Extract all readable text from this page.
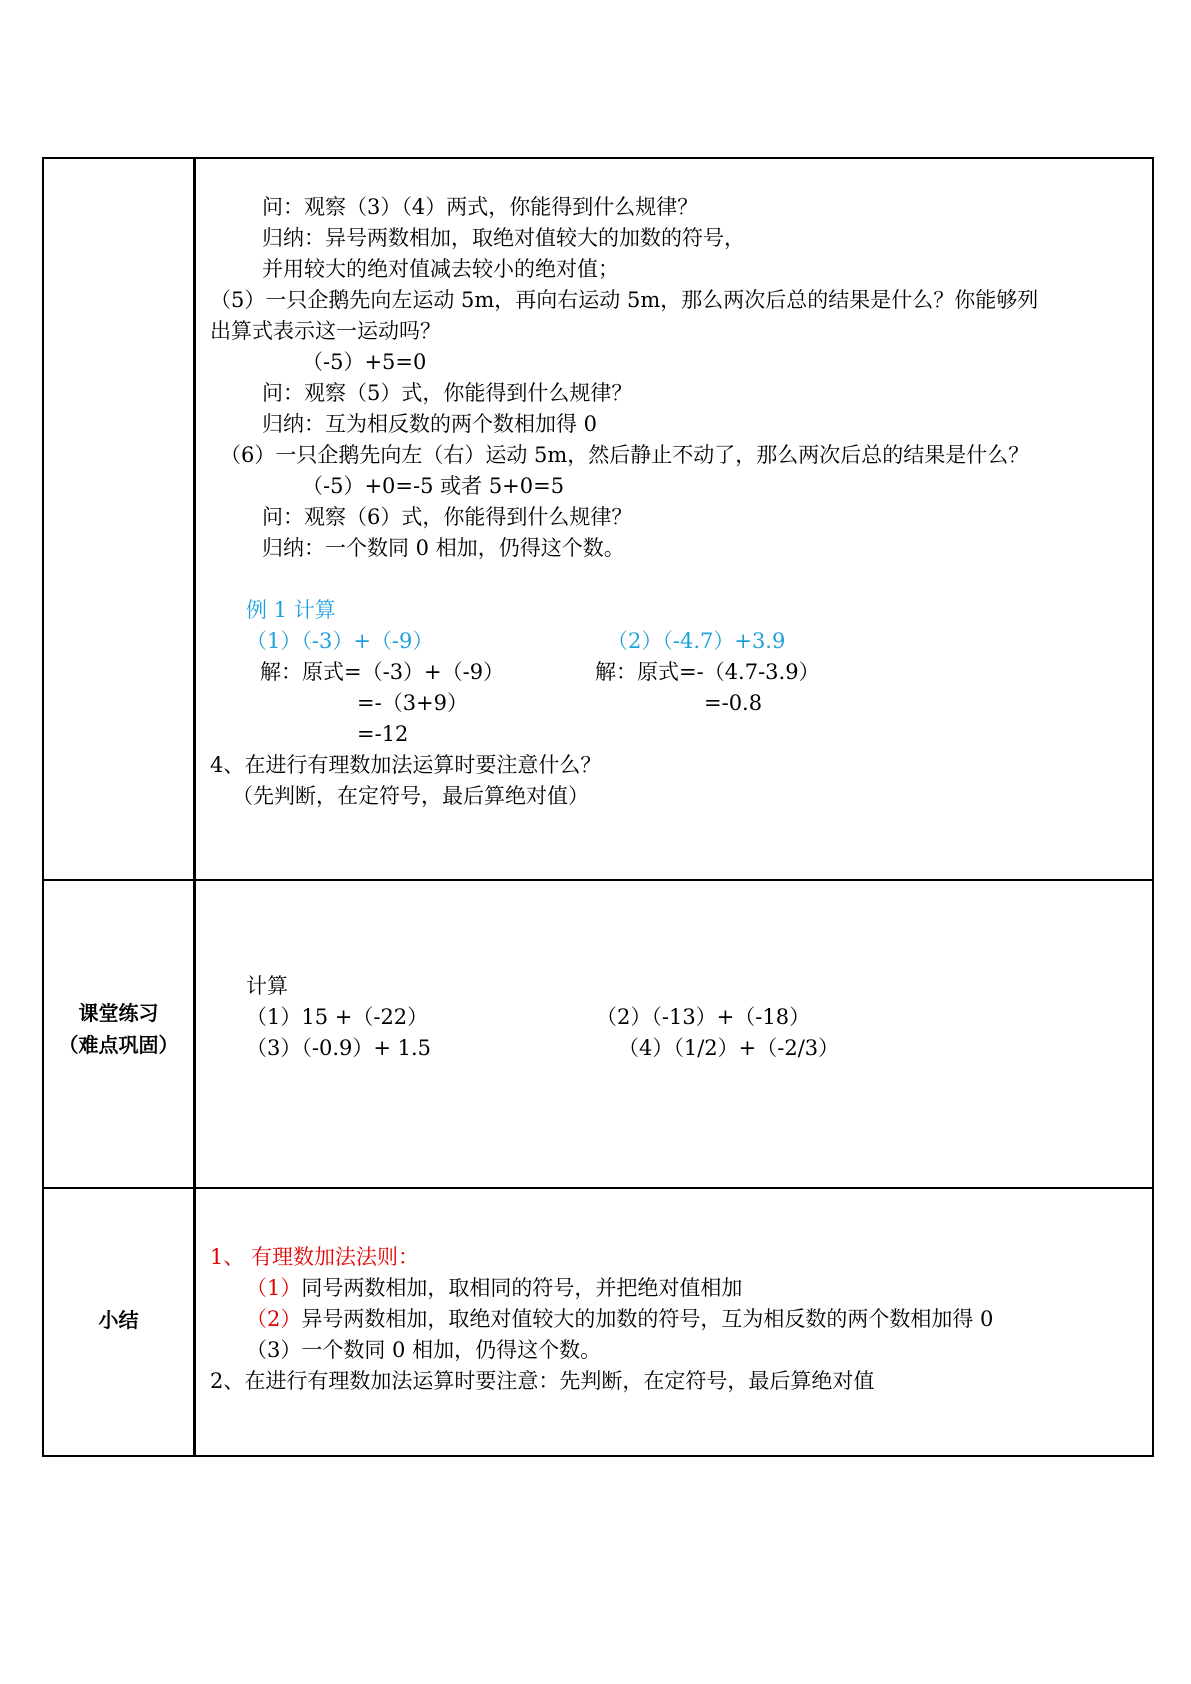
问：观察（3）（4）两式，你能得到什么规律？
归纳：异号两数相加，取绝对值较大的加数的符号，
并用较大的绝对值减去较小的绝对值；
（5）一只企鹅先向左运动 5m，再向右运动 5m，那么两次后总的结果是什么？你能够列
出算式表示这一运动吗？
（-5）+5=0
问：观察（5）式，你能得到什么规律？
归纳：互为相反数的两个数相加得 0
（6）一只企鹅先向左（右）运动 5m，然后静止不动了，那么两次后总的结果是什么？
（-5）+0=-5 或者 5+0=5
问：观察（6）式，你能得到什么规律？
归纳：一个数同 0 相加，仍得这个数。
例 1 计算
（1）（-3）+（-9）	（2）（-4.7）+3.9
解：原式=（-3）+（-9）	解：原式=-（4.7-3.9）
=-（3+9）	=-0.8
=-12
4、在进行有理数加法运算时要注意什么？
（先判断，在定符号，最后算绝对值）
课堂练习
（难点巩固）
计算
（1）15 +（-22）	（2）（-13）+（-18）
（3）（-0.9）+ 1.5	（4）（1/2）+（-2/3）
小结
1、 有理数加法法则：
（1）同号两数相加，取相同的符号，并把绝对值相加
（2）异号两数相加，取绝对值较大的加数的符号，互为相反数的两个数相加得 0
（3）一个数同 0 相加，仍得这个数。
2、在进行有理数加法运算时要注意：先判断，在定符号，最后算绝对值
